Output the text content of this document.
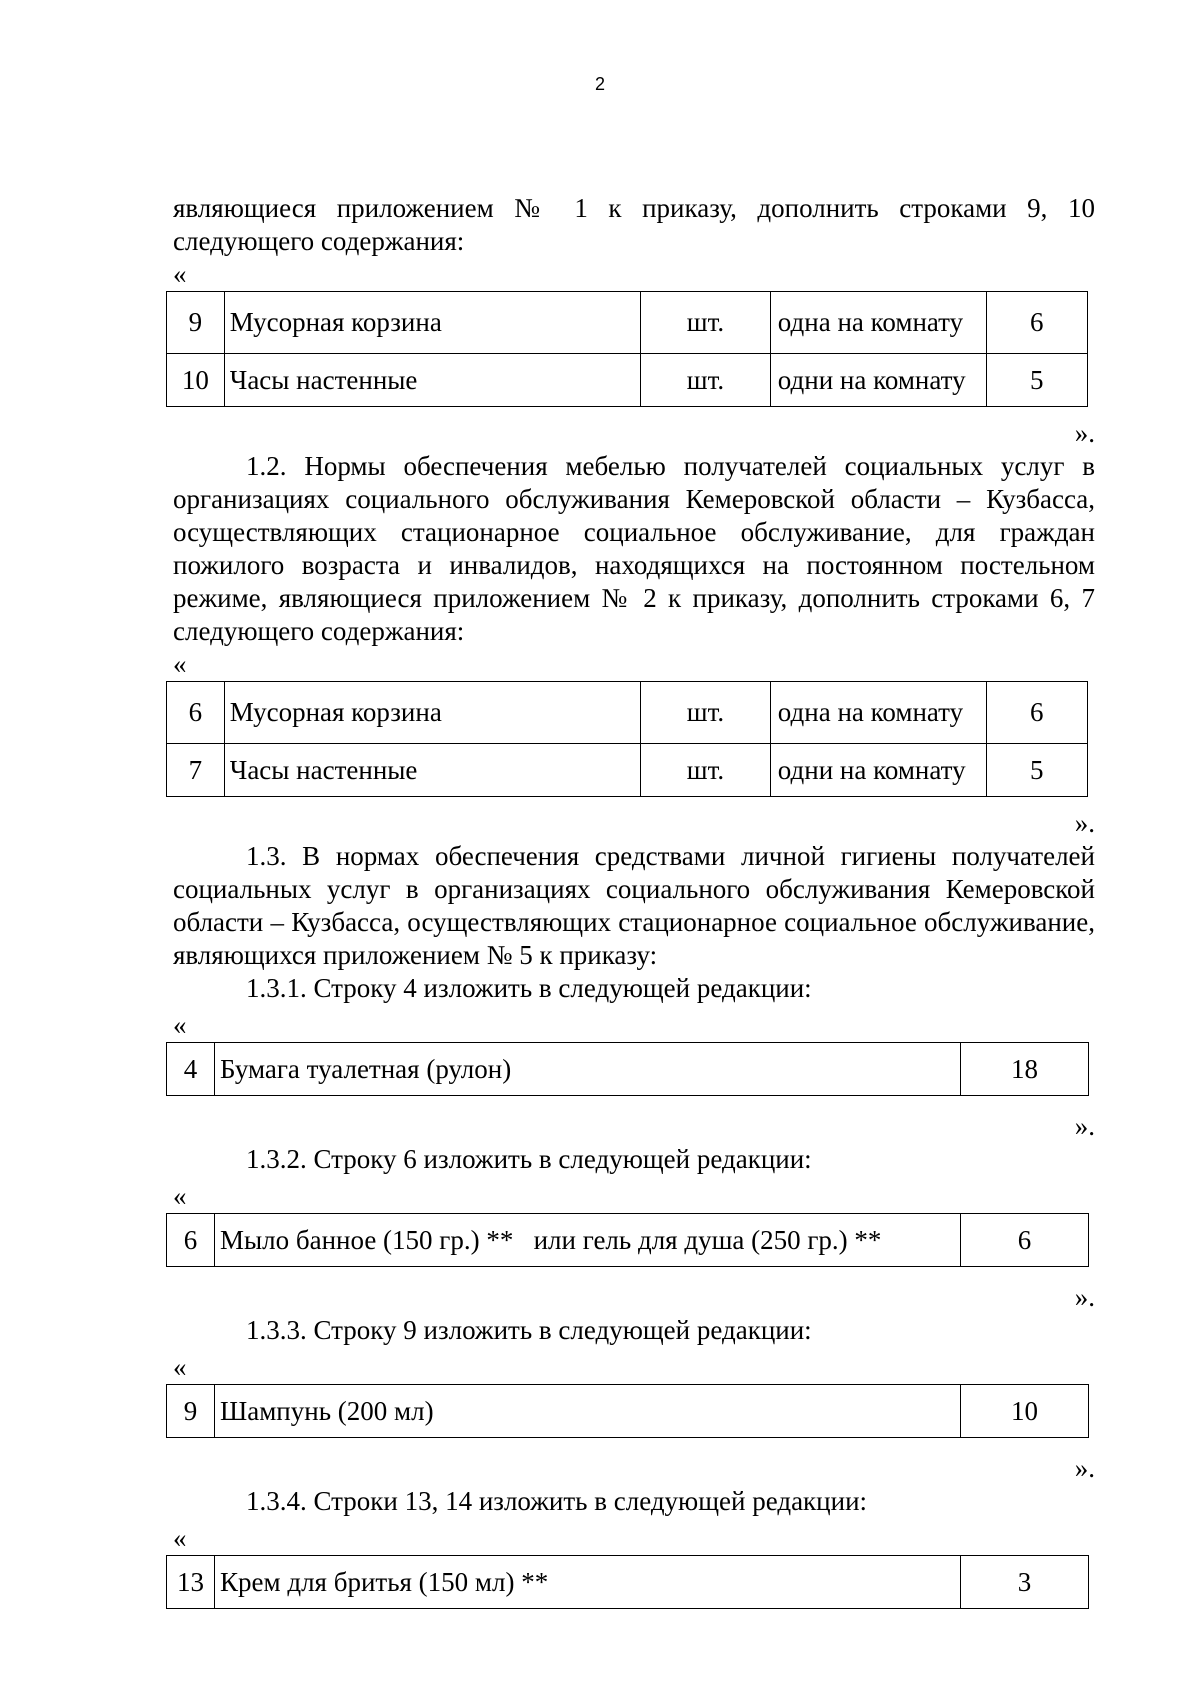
2

являющиеся приложением № 1 к приказу, дополнить строками 9, 10 следующего содержания:

«
9	Мусорная корзина	шт.	одна на комнату	6
10	Часы настенные	шт.	одни на комнату	5
».

1.2. Нормы обеспечения мебелью получателей социальных услуг в организациях социального обслуживания Кемеровской области – Кузбасса, осуществляющих стационарное социальное обслуживание, для граждан пожилого возраста и инвалидов, находящихся на постоянном постельном режиме, являющиеся приложением № 2 к приказу, дополнить строками 6, 7 следующего содержания:

«
6	Мусорная корзина	шт.	одна на комнату	6
7	Часы настенные	шт.	одни на комнату	5
».

1.3. В нормах обеспечения средствами личной гигиены получателей социальных услуг в организациях социального обслуживания Кемеровской области – Кузбасса, осуществляющих стационарное социальное обслуживание, являющихся приложением № 5 к приказу:

1.3.1. Строку 4 изложить в следующей редакции:

«
4	Бумага туалетная (рулон)	18
».

1.3.2. Строку 6 изложить в следующей редакции:

«
6	Мыло банное (150 гр.) **   или гель для душа (250 гр.) **	6
».

1.3.3. Строку 9 изложить в следующей редакции:

«
9	Шампунь (200 мл)	10
».

1.3.4. Строки 13, 14 изложить в следующей редакции:

«
13	Крем для бритья (150 мл) **	3
